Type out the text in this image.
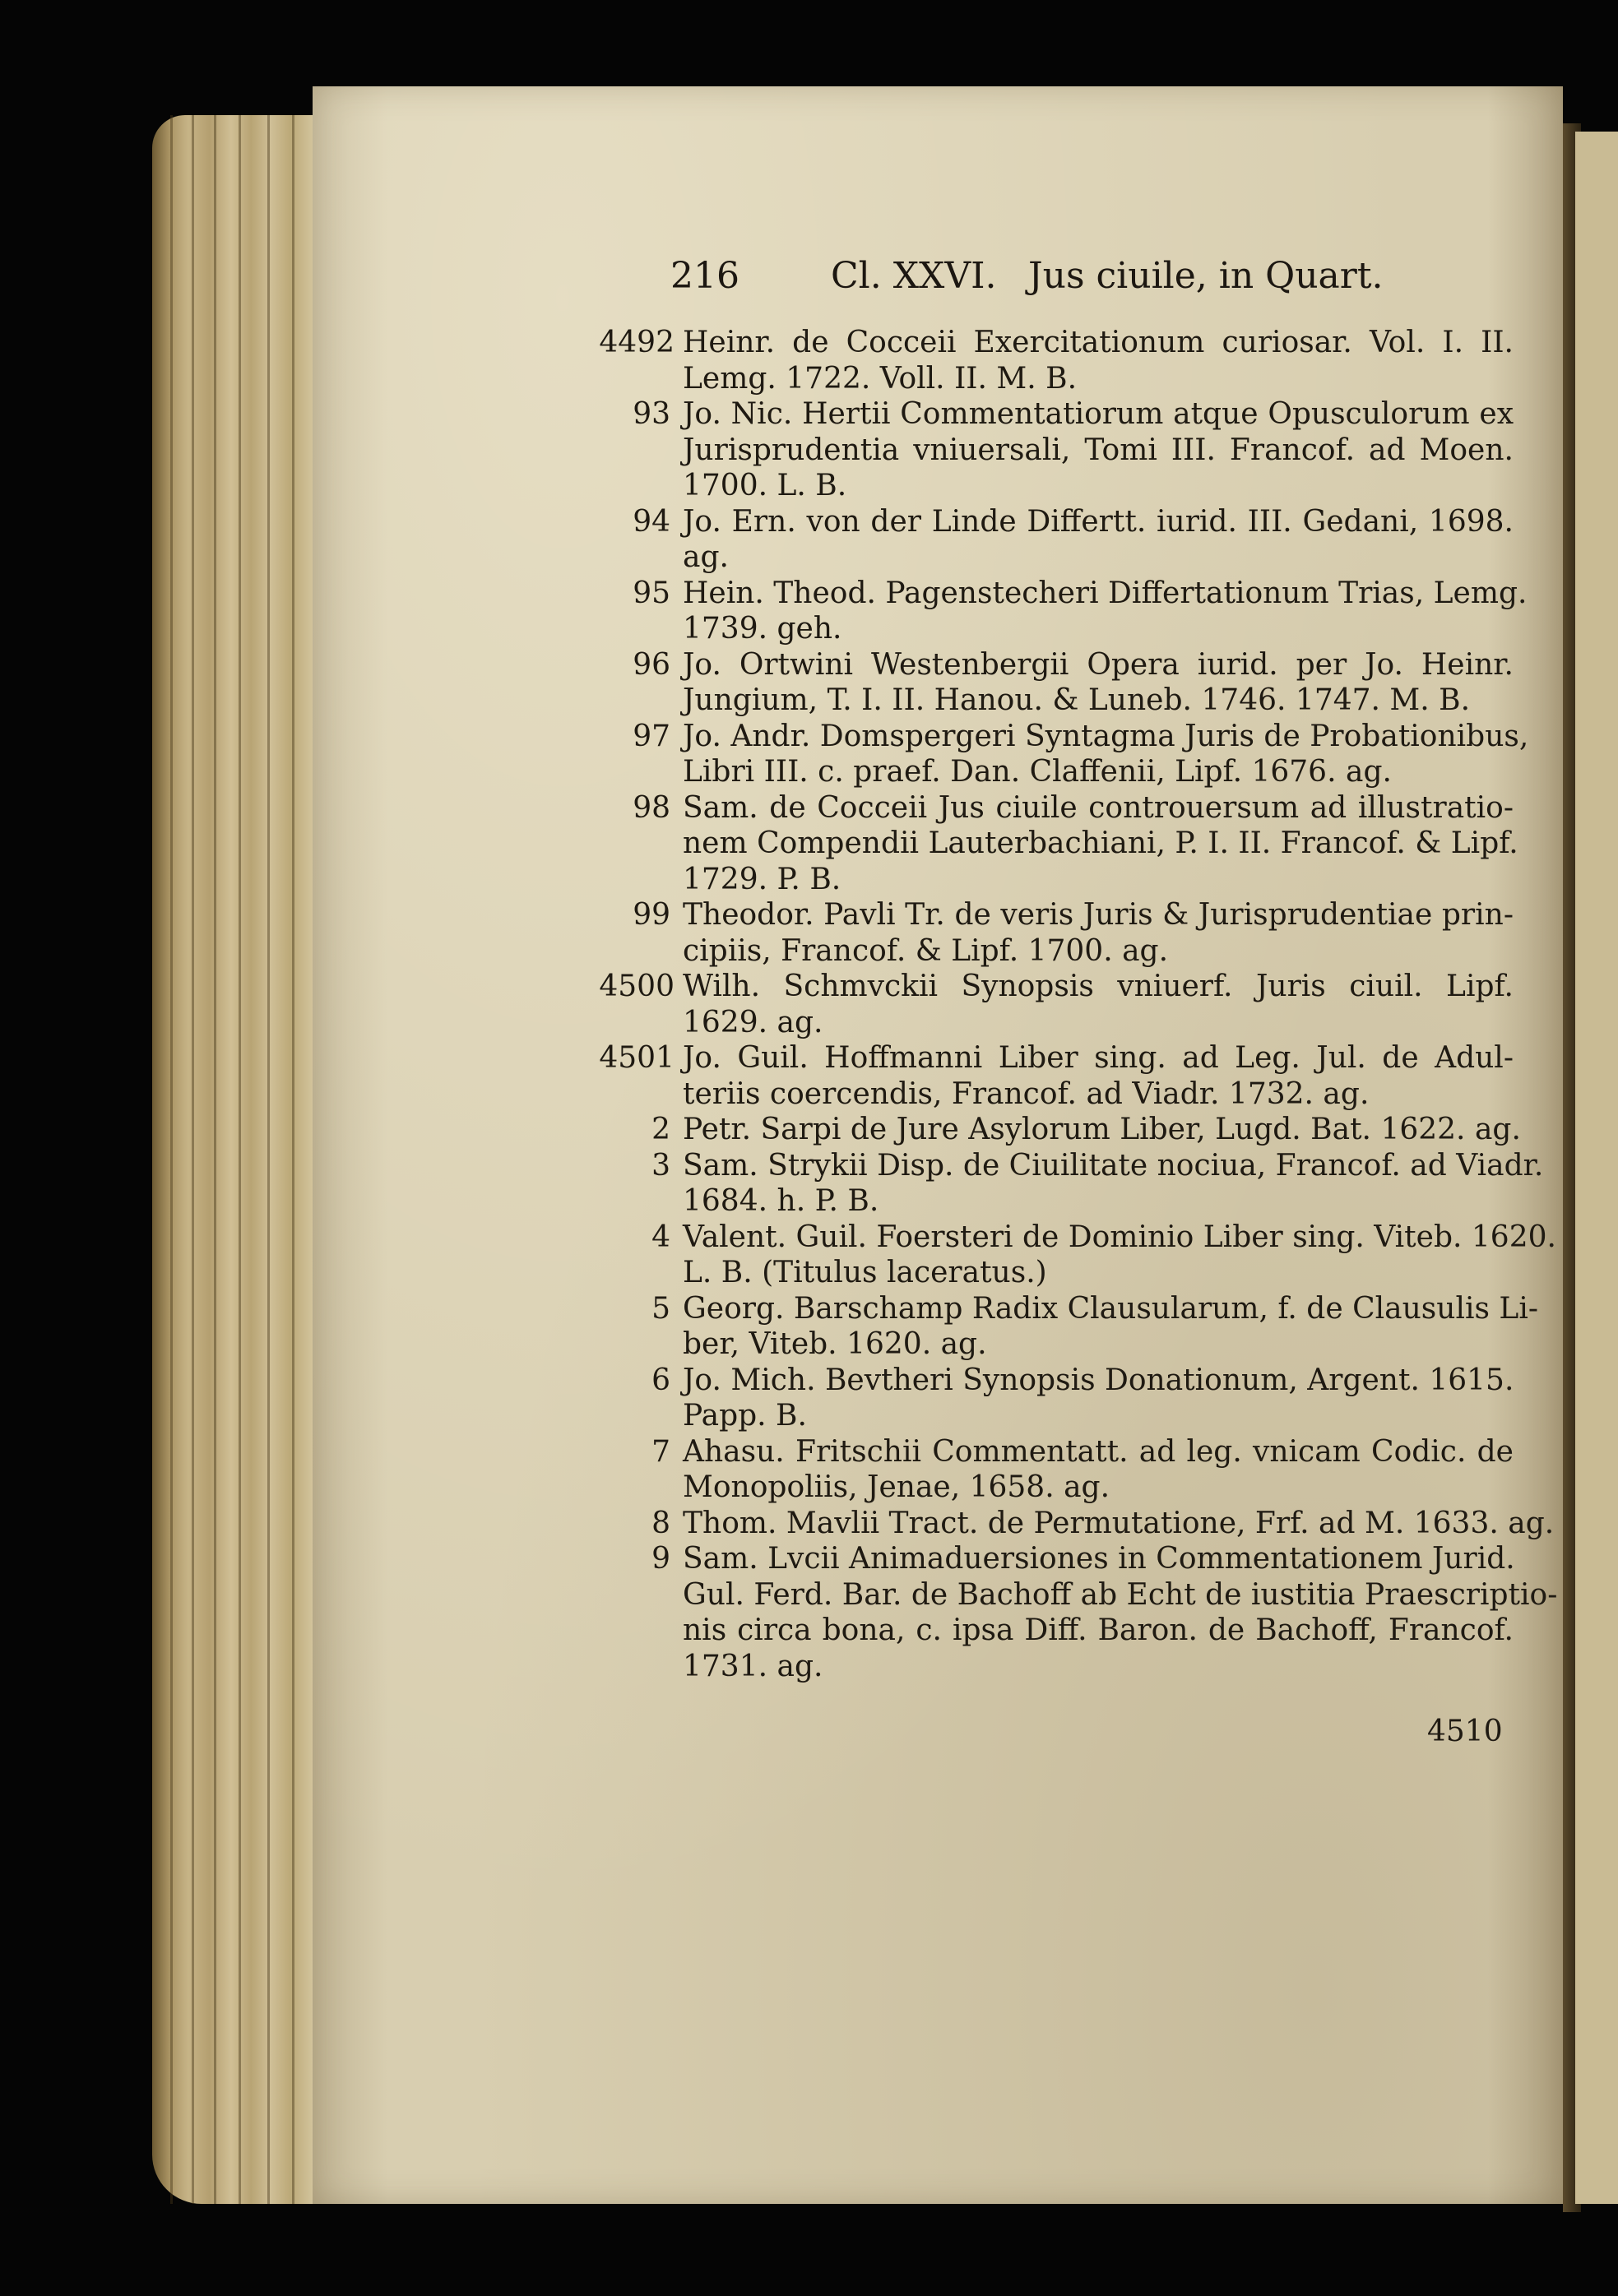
216	Cl. XXVI. Jus ciuile, in Quart.
4492 Heinr. de Coccеii Exercitationum curiosar. Vol. I. II.
Lemg. 1722. Voll. II. M. B.
93 Jo. Nic. Hertii Commentatiorum atque Opusculorum ex
Jurisprudentia vniuersali, Tomi III. Francof. ad Moen.
1700. L. B.
94 Jo. Ern. von der Linde Differtt. iurid. III. Gedani, 1698.
ag.
95 Hein. Theod. Pagenstecheri Differtationum Trias, Lemg.
1739. geh.
96 Jo. Ortwini Westenbergii Opera iurid. per Jo. Heinr.
Jungium, T. I. II. Hanou. & Luneb. 1746. 1747. M. B.
97 Jo. Andr. Domspergeri Syntagma Juris de Probationibus,
Libri III. c. praef. Dan. Claffenii, Lipf. 1676. ag.
98 Sam. de Coccеii Jus ciuile controuersum ad illustratio-
nem Compendii Lauterbachiani, P. I. II. Francof. & Lipf.
1729. P. B.
99 Theodor. Pavli Tr. de veris Juris & Jurisprudentiae prin-
cipiis, Francof. & Lipf. 1700. ag.
4500 Wilh. Schmvckii Synopsis vniuerf. Juris ciuil. Lipf.
1629. ag.
4501 Jo. Guil. Hoffmanni Liber sing. ad Leg. Jul. de Adul-
teriis coercendis, Francof. ad Viadr. 1732. ag.
2 Petr. Sarpi de Jure Asylorum Liber, Lugd. Bat. 1622. ag.
3 Sam. Strykii Disp. de Ciuilitate nociua, Francof. ad Viadr.
1684. h. P. B.
4 Valent. Guil. Foersteri de Dominio Liber sing. Viteb. 1620.
L. B. (Titulus laceratus.)
5 Georg. Barschamp Radix Clausularum, f. de Clausulis Li-
ber, Viteb. 1620. ag.
6 Jo. Mich. Bevtheri Synopsis Donationum, Argent. 1615.
Papp. B.
7 Ahasu. Fritschii Commentatt. ad leg. vnicam Codic. de
Monopoliis, Jenae, 1658. ag.
8 Thom. Mavlii Tract. de Permutatione, Frf. ad M. 1633. ag.
9 Sam. Lvcii Animaduersiones in Commentationem Jurid.
Gul. Ferd. Bar. de Bachoff ab Echt de iustitia Praescriptio-
nis circa bona, c. ipsa Diff. Baron. de Bachoff, Francof.
1731. ag.
4510
